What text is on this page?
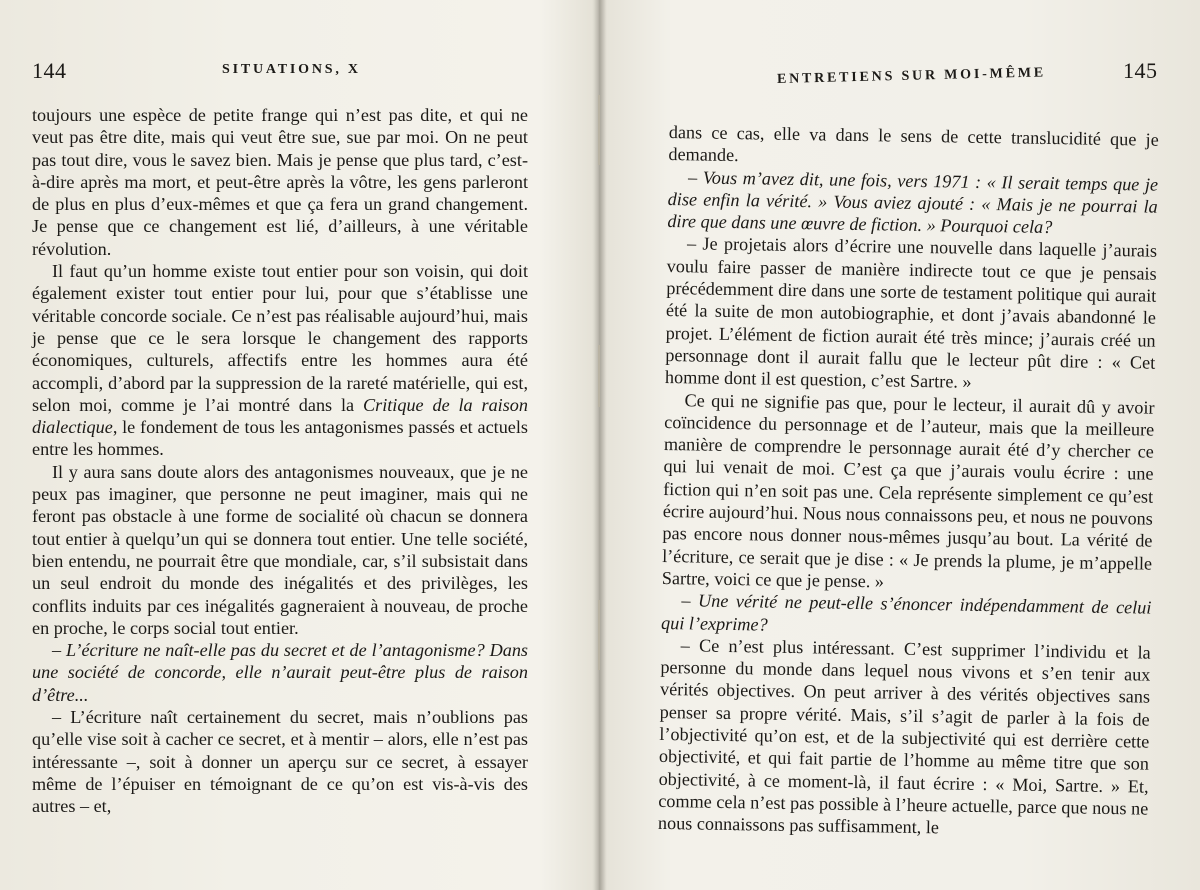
144	SITUATIONS, X

toujours une espèce de petite frange qui n’est pas dite, et qui ne veut pas être dite, mais qui veut être sue, sue par moi. On ne peut pas tout dire, vous le savez bien. Mais je pense que plus tard, c’est-à-dire après ma mort, et peut-être après la vôtre, les gens parleront de plus en plus d’eux-mêmes et que ça fera un grand changement. Je pense que ce changement est lié, d’ailleurs, à une véritable révolution.

Il faut qu’un homme existe tout entier pour son voisin, qui doit également exister tout entier pour lui, pour que s’établisse une véritable concorde sociale. Ce n’est pas réalisable aujourd’hui, mais je pense que ce le sera lorsque le changement des rapports économiques, culturels, affectifs entre les hommes aura été accompli, d’abord par la suppression de la rareté matérielle, qui est, selon moi, comme je l’ai montré dans la Critique de la raison dialectique, le fondement de tous les antagonismes passés et actuels entre les hommes.

Il y aura sans doute alors des antagonismes nouveaux, que je ne peux pas imaginer, que personne ne peut imaginer, mais qui ne feront pas obstacle à une forme de socialité où chacun se donnera tout entier à quelqu’un qui se donnera tout entier. Une telle société, bien entendu, ne pourrait être que mondiale, car, s’il subsistait dans un seul endroit du monde des inégalités et des privilèges, les conflits induits par ces inégalités gagneraient à nouveau, de proche en proche, le corps social tout entier.

– L’écriture ne naît-elle pas du secret et de l’antagonisme? Dans une société de concorde, elle n’aurait peut-être plus de raison d’être...

– L’écriture naît certainement du secret, mais n’oublions pas qu’elle vise soit à cacher ce secret, et à mentir – alors, elle n’est pas intéressante –, soit à donner un aperçu sur ce secret, à essayer même de l’épuiser en témoignant de ce qu’on est vis-à-vis des autres – et,

145
ENTRETIENS SUR MOI-MÊME

dans ce cas, elle va dans le sens de cette translucidité que je demande.

– Vous m’avez dit, une fois, vers 1971 : « Il serait temps que je dise enfin la vérité. » Vous aviez ajouté : « Mais je ne pourrai la dire que dans une œuvre de fiction. » Pourquoi cela?

– Je projetais alors d’écrire une nouvelle dans laquelle j’aurais voulu faire passer de manière indirecte tout ce que je pensais précédemment dire dans une sorte de testament politique qui aurait été la suite de mon autobiographie, et dont j’avais abandonné le projet. L’élément de fiction aurait été très mince; j’aurais créé un personnage dont il aurait fallu que le lecteur pût dire : « Cet homme dont il est question, c’est Sartre. »

Ce qui ne signifie pas que, pour le lecteur, il aurait dû y avoir coïncidence du personnage et de l’auteur, mais que la meilleure manière de comprendre le personnage aurait été d’y chercher ce qui lui venait de moi. C’est ça que j’aurais voulu écrire : une fiction qui n’en soit pas une. Cela représente simplement ce qu’est écrire aujourd’hui. Nous nous connaissons peu, et nous ne pouvons pas encore nous donner nous-mêmes jusqu’au bout. La vérité de l’écriture, ce serait que je dise : « Je prends la plume, je m’appelle Sartre, voici ce que je pense. »

– Une vérité ne peut-elle s’énoncer indépendamment de celui qui l’exprime?

– Ce n’est plus intéressant. C’est supprimer l’individu et la personne du monde dans lequel nous vivons et s’en tenir aux vérités objectives. On peut arriver à des vérités objectives sans penser sa propre vérité. Mais, s’il s’agit de parler à la fois de l’objectivité qu’on est, et de la subjectivité qui est derrière cette objectivité, et qui fait partie de l’homme au même titre que son objectivité, à ce moment-là, il faut écrire : « Moi, Sartre. » Et, comme cela n’est pas possible à l’heure actuelle, parce que nous ne nous connaissons pas suffisamment, le
